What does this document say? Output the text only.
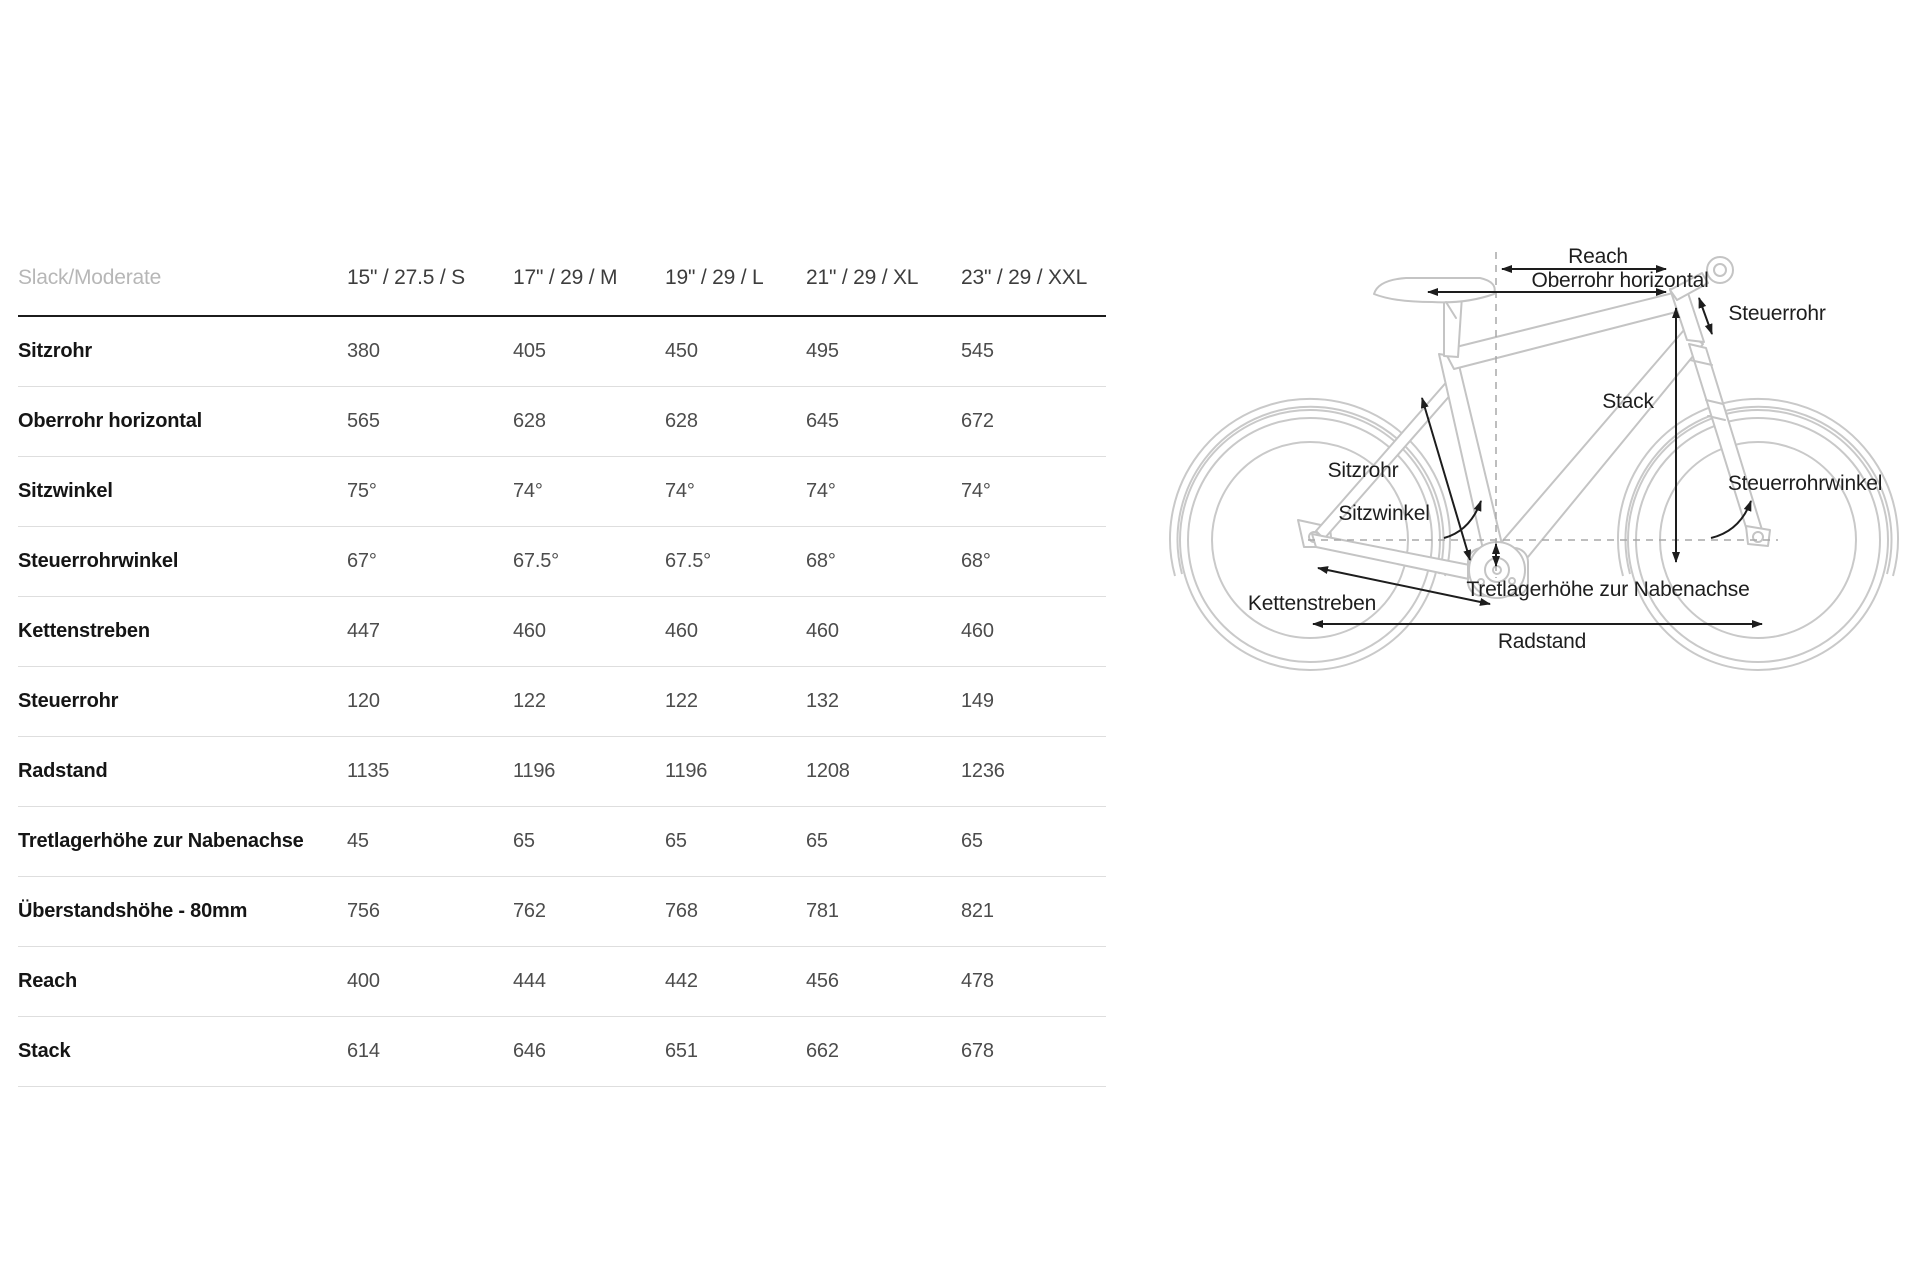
Slack/Moderate	15" / 27.5 / S	17" / 29 / M	19" / 29 / L	21" / 29 / XL	23" / 29 / XXL
Sitzrohr	380	405	450	495	545
Oberrohr horizontal	565	628	628	645	672
Sitzwinkel	75°	74°	74°	74°	74°
Steuerrohrwinkel	67°	67.5°	67.5°	68°	68°
Kettenstreben	447	460	460	460	460
Steuerrohr	120	122	122	132	149
Radstand	1135	1196	1196	1208	1236
Tretlagerhöhe zur Nabenachse	45	65	65	65	65
Überstandshöhe - 80mm	756	762	768	781	821
Reach	400	444	442	456	478
Stack	614	646	651	662	678
Reach
Oberrohr horizontal
Steuerrohr
Sitzrohr
Stack
Steuerrohrwinkel
Sitzwinkel
Tretlagerhöhe zur Nabenachse
Kettenstreben
Radstand
